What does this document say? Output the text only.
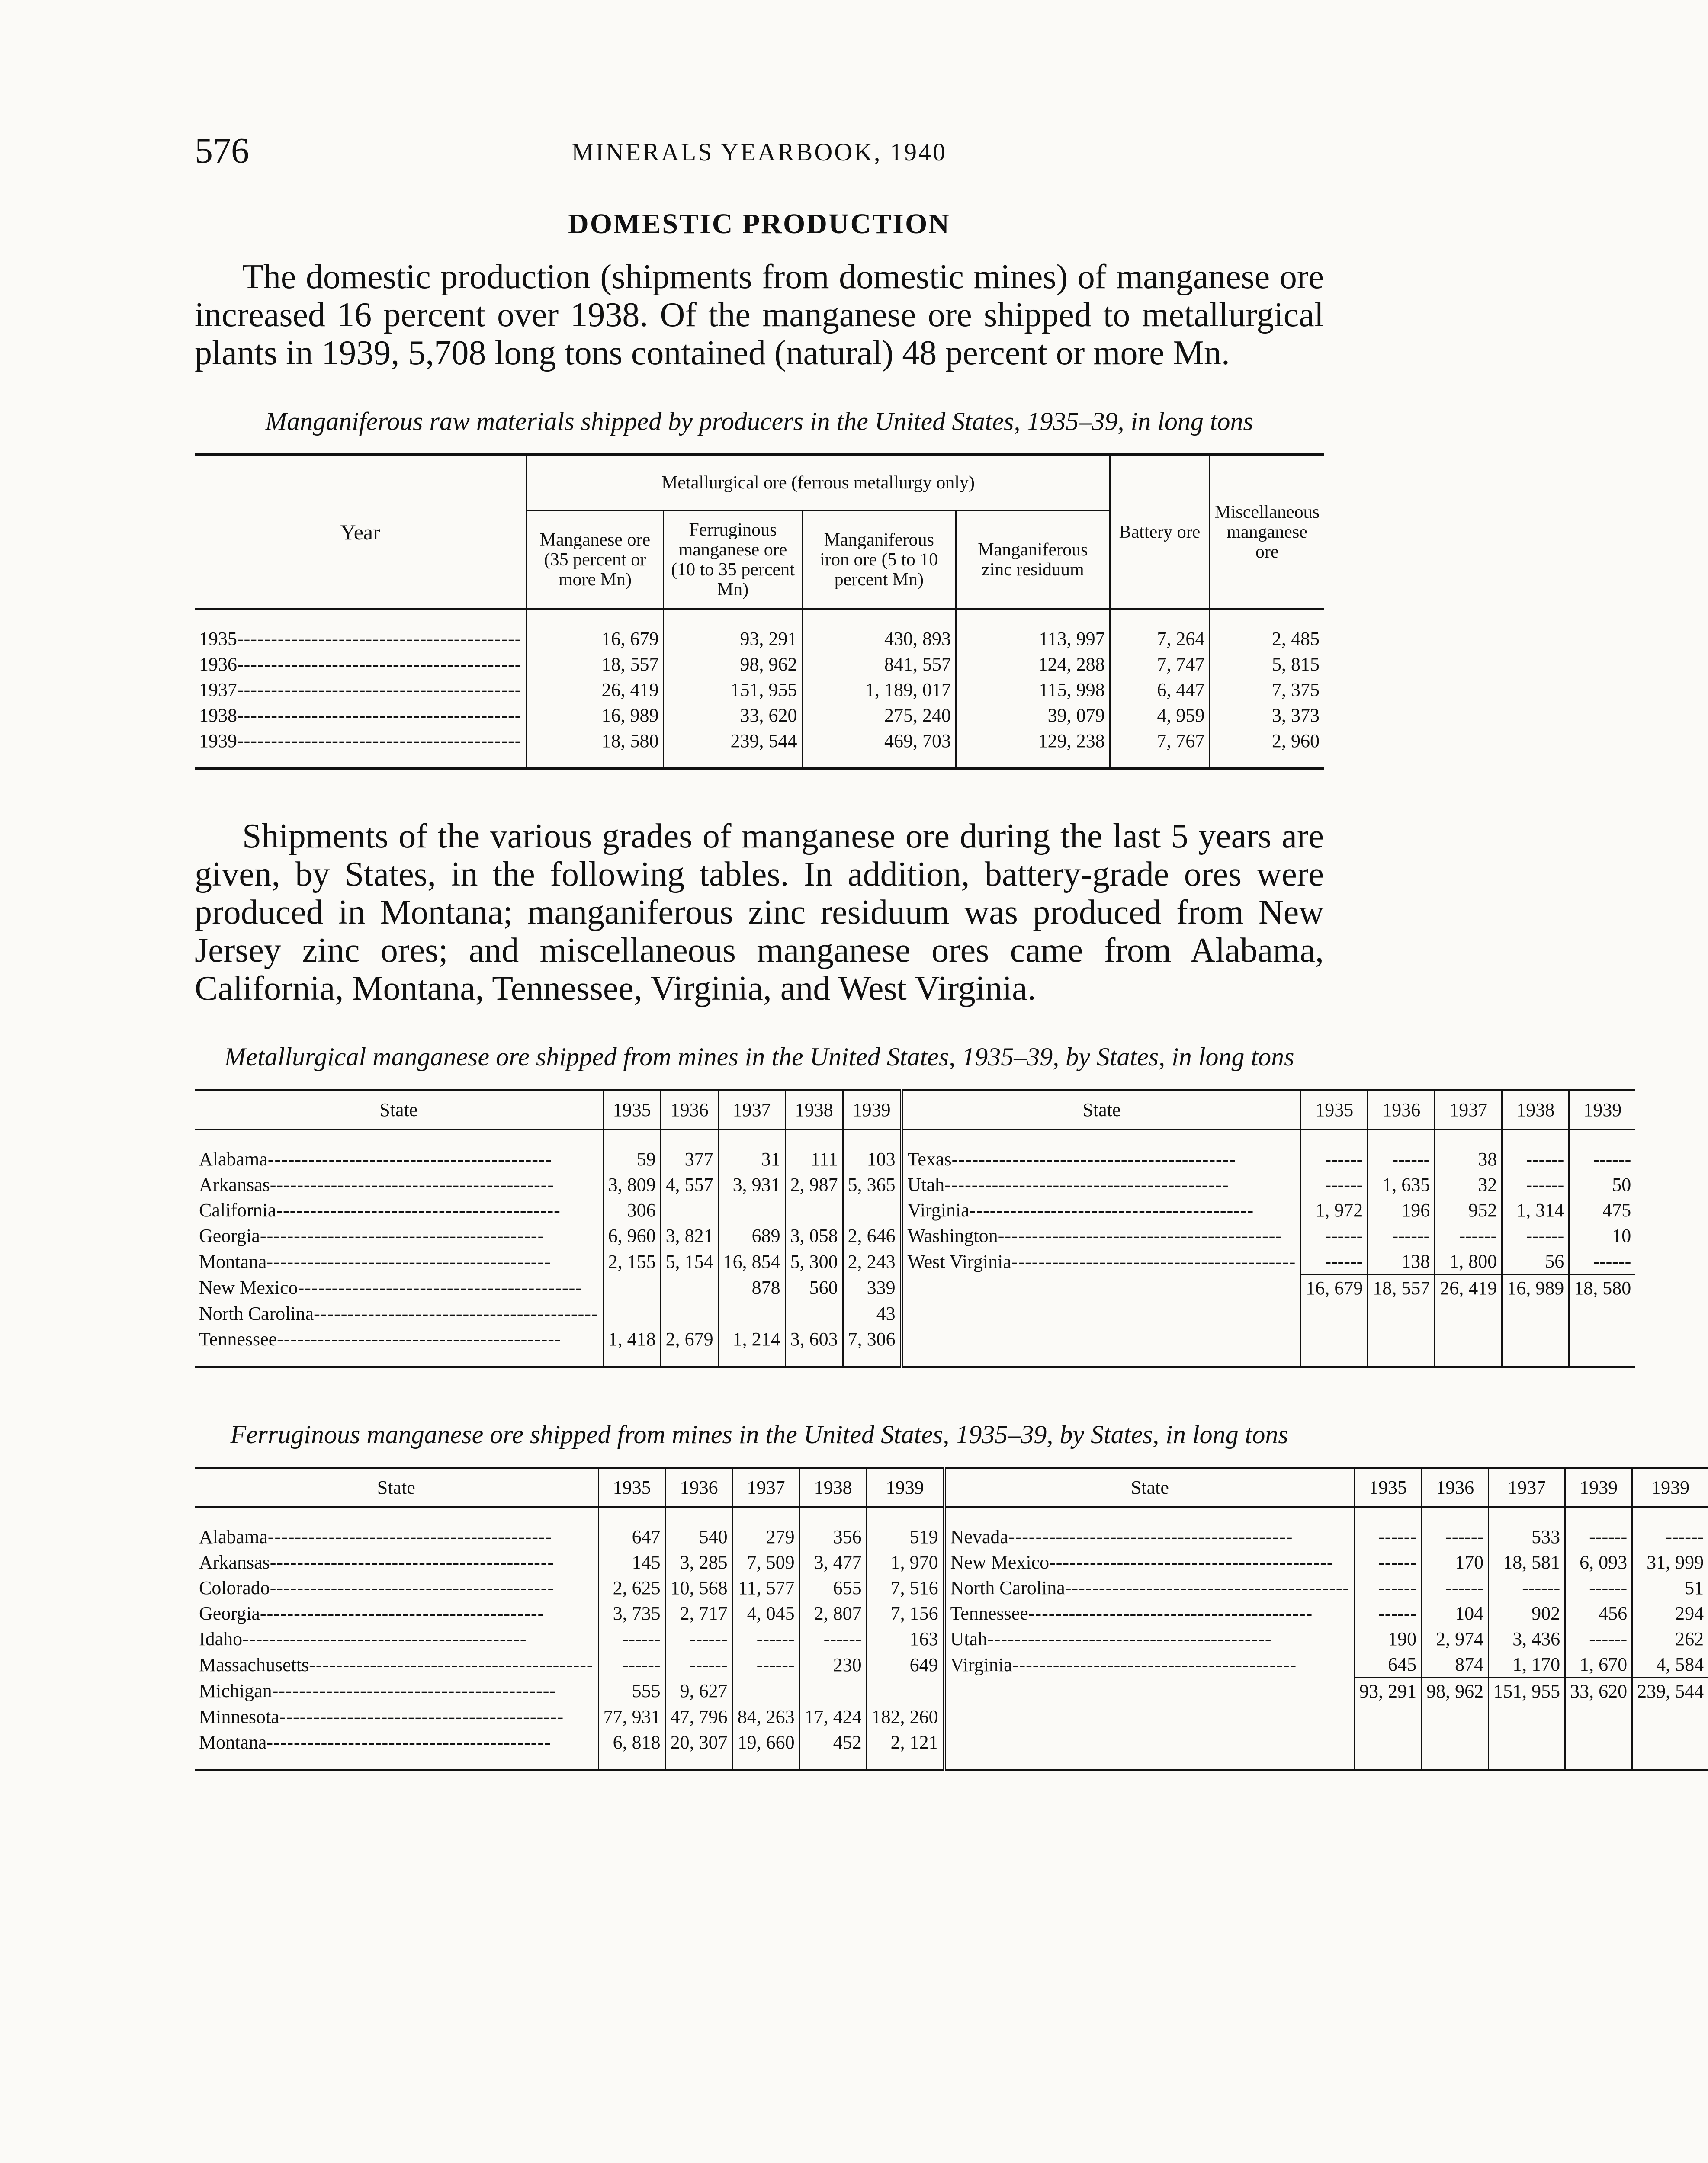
576	MINERALS YEARBOOK, 1940
DOMESTIC PRODUCTION

The domestic production (shipments from domestic mines) of manganese ore increased 16 percent over 1938. Of the manganese ore shipped to metallurgical plants in 1939, 5,708 long tons contained (natural) 48 percent or more Mn.

Manganiferous raw materials shipped by producers in the United States, 1935–39, in long tons
Year	Metallurgical ore (ferrous metallurgy only)				Battery ore	Miscellaneous manganese ore
	Manganese ore (35 percent or more Mn)	Ferruginous manganese ore (10 to 35 percent Mn)	Manganiferous iron ore (5 to 10 percent Mn)	Manganiferous zinc residuum		

1935 -----	16, 679	93, 291	430, 893	113, 997	7, 264	2, 485

1936 -----	18, 557	98, 962	841, 557	124, 288	7, 747	5, 815

1937 -----	26, 419	151, 955	1, 189, 017	115, 998	6, 447	7, 375

1938 -----	16, 989	33, 620	275, 240	39, 079	4, 959	3, 373

1939 -----	18, 580	239, 544	469, 703	129, 238	7, 767	2, 960

Shipments of the various grades of manganese ore during the last 5 years are given, by States, in the following tables. In addition, battery-grade ores were produced in Montana; manganiferous zinc residuum was produced from New Jersey zinc ores; and miscellaneous manganese ores came from Alabama, California, Montana, Tennessee, Virginia, and West Virginia.

Metallurgical manganese ore shipped from mines in the United States, 1935–39, by States, in long tons
State	1935	1936	1937	1938	1939	State	1935	1936	1937	1938	1939

Alabama -----	59	377	31	111	103	Texas -----	------	------	38	------	------

Arkansas -----	3, 809	4, 557	3, 931	2, 987	5, 365	Utah -----	------	1, 635	32	------	50

California -----	306					Virginia -----	1, 972	196	952	1, 314	475

Georgia -----	6, 960	3, 821	689	3, 058	2, 646	Washington -----	------	------	------	------	10

Montana -----	2, 155	5, 154	16, 854	5, 300	2, 243	West Virginia -----	------	138	1, 800	56	------

New Mexico -----			878	560	339		16, 679	18, 557	26, 419	16, 989	18, 580

North Carolina -----					43						

Tennessee -----	1, 418	2, 679	1, 214	3, 603	7, 306						

Ferruginous manganese ore shipped from mines in the United States, 1935–39, by States, in long tons
State	1935	1936	1937	1938	1939	State	1935	1936	1937	1939	1939

Alabama -----	647	540	279	356	519	Nevada -----	------	------	533	------	------

Arkansas -----	145	3, 285	7, 509	3, 477	1, 970	New Mexico -----	------	170	18, 581	6, 093	31, 999

Colorado -----	2, 625	10, 568	11, 577	655	7, 516	North Carolina -----	------	------	------	------	51

Georgia -----	3, 735	2, 717	4, 045	2, 807	7, 156	Tennessee -----	------	104	902	456	294

Idaho -----	------	------	------	------	163	Utah -----	190	2, 974	3, 436	------	262

Massachusetts -----	------	------	------	230	649	Virginia -----	645	874	1, 170	1, 670	4, 584

Michigan -----	555	9, 627					93, 291	98, 962	151, 955	33, 620	239, 544

Minnesota -----	77, 931	47, 796	84, 263	17, 424	182, 260						

Montana -----	6, 818	20, 307	19, 660	452	2, 121						
